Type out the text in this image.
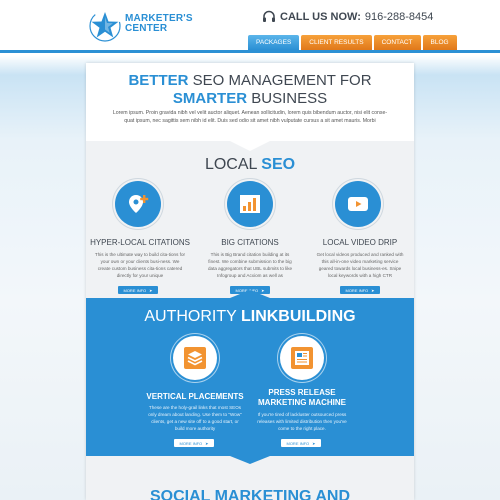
MARKETER'S
CENTER
CALL US NOW: 916-288-8454
PACKAGES	CLIENT RESULTS	CONTACT	BLOG
BETTER SEO MANAGEMENT FOR
SMARTER BUSINESS
Lorem ipsum. Proin gravida nibh vel velit auctor aliquet. Aenean sollicitudin, lorem quis bibendum auctor, nisi elit conse-quat ipsum, nec sagittis sem nibh id elit. Duis sed odio sit amet nibh vulputate cursus a sit amet mauris. Morbi
LOCAL SEO
HYPER-LOCAL CITATIONS
This is the ultimate way to build cita-tions for your own or your clients busi-ness. We create custom business cita-tions catered directly for your unique
MORE INFO ➤
BIG CITATIONS
This is Big Brand citation building at its finest. We combine submission to the big data aggregators that UBL submits to like Infogroup and Acxiom as well as
MORE INFO ➤
LOCAL VIDEO DRIP
Get local videos produced and ranked with this all-in-one video marketing service geared towards local business-es. Snipe local keywords with a high CTR
MORE INFO ➤
AUTHORITY LINKBUILDING
VERTICAL PLACEMENTS
These are the holy-grail links that most SEOs only dream about landing. Use them to "Wow" clients, get a new site off to a good start, or build more authority
MORE INFO ➤
PRESS RELEASE
MARKETING MACHINE
If you're tired of lackluster outsourced press releases with limited distribution then you've come to the right place.
MORE INFO ➤
SOCIAL MARKETING AND
